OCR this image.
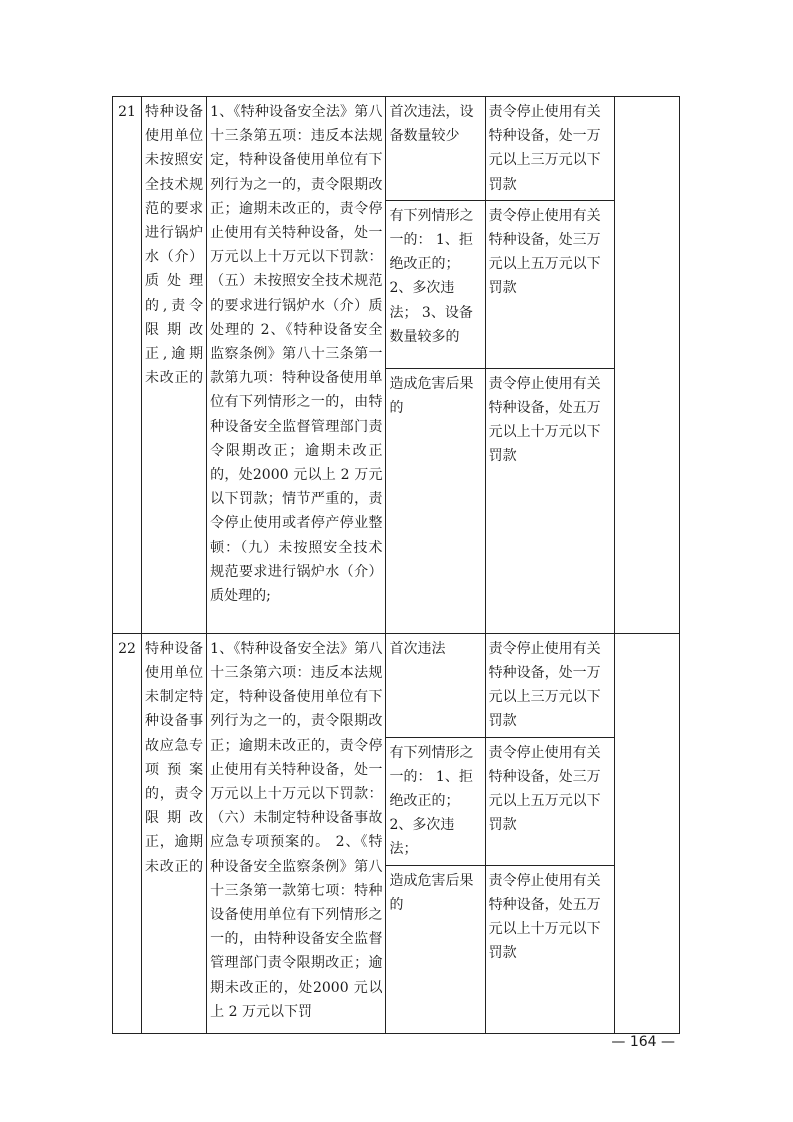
21	特种设备使用单位未按照安全技术规范的要求进行锅炉水（介）质处理的,责令限期改正,逾期未改正的	1、《特种设备安全法》第八十三条第五项：违反本法规定，特种设备使用单位有下列行为之一的，责令限期改正；逾期未改正的，责令停止使用有关特种设备，处一万元以上十万元以下罚款：（五）未按照安全技术规范的要求进行锅炉水（介）质处理的 2、《特种设备安全监察条例》第八十三条第一款第九项：特种设备使用单位有下列情形之一的，由特种设备安全监督管理部门责令限期改正；逾期未改正的，处2000 元以上 2 万元以下罚款；情节严重的，责令停止使用或者停产停业整顿：（九）未按照安全技术规范要求进行锅炉水（介）质处理的;	首次违法，设备数量较少	责令停止使用有关特种设备，处一万元以上三万元以下罚款	
			有下列情形之一的： 1、拒绝改正的； 2、多次违法； 3、设备数量较多的	责令停止使用有关特种设备，处三万元以上五万元以下罚款	
			造成危害后果的	责令停止使用有关特种设备，处五万元以上十万元以下罚款	
22	特种设备使用单位未制定特种设备事故应急专项预案的，责令限期改正，逾期未改正的	1、《特种设备安全法》第八十三条第六项：违反本法规定，特种设备使用单位有下列行为之一的，责令限期改正；逾期未改正的，责令停止使用有关特种设备，处一万元以上十万元以下罚款：（六）未制定特种设备事故应急专项预案的。 2、《特种设备安全监察条例》第八十三条第一款第七项：特种设备使用单位有下列情形之一的，由特种设备安全监督管理部门责令限期改正；逾期未改正的，处2000 元以上 2 万元以下罚	首次违法	责令停止使用有关特种设备，处一万元以上三万元以下罚款	
			有下列情形之一的： 1、拒绝改正的； 2、多次违法；	责令停止使用有关特种设备，处三万元以上五万元以下罚款	
			造成危害后果的	责令停止使用有关特种设备，处五万元以上十万元以下罚款	
— 164 —
